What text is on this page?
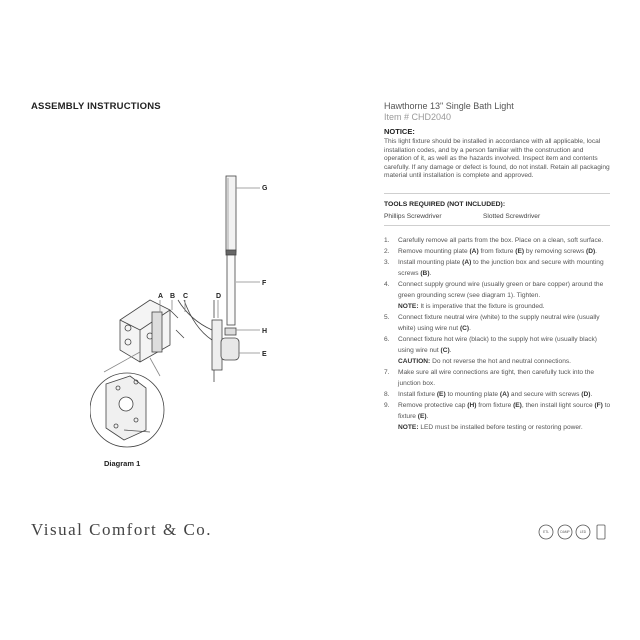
ASSEMBLY INSTRUCTIONS	Hawthorne 13" Single Bath Light
Item # CHD2040
NOTICE:
This light fixture should be installed in accordance with all applicable, local installation codes, and by a person familiar with the construction and operation of it, as well as the hazards involved. Inspect item and contents carefully. If any damage or defect is found, do not install. Retain all packaging material until installation is complete and approved.
TOOLS REQUIRED (NOT INCLUDED):
Phillips Screwdriver	Slotted Screwdriver
1. Carefully remove all parts from the box. Place on a clean, soft surface.
2. Remove mounting plate (A) from fixture (E) by removing screws (D).
3. Install mounting plate (A) to the junction box and secure with mounting screws (B).
4. Connect supply ground wire (usually green or bare copper) around the green grounding screw (see diagram 1). Tighten.
NOTE: It is imperative that the fixture is grounded.
5. Connect fixture neutral wire (white) to the supply neutral wire (usually white) using wire nut (C).
6. Connect fixture hot wire (black) to the supply hot wire (usually black) using wire nut (C).
CAUTION: Do not reverse the hot and neutral connections.
7. Make sure all wire connections are tight, then carefully tuck into the junction box.
8. Install fixture (E) to mounting plate (A) and secure with screws (D).
9. Remove protective cap (H) from fixture (E), then install light source (F) to fixture (E).
NOTE: LED must be installed before testing or restoring power.
A B C	D
G
F
H
E
Diagram 1
Visual Comfort & Co.	ETL	DAMP	LED
